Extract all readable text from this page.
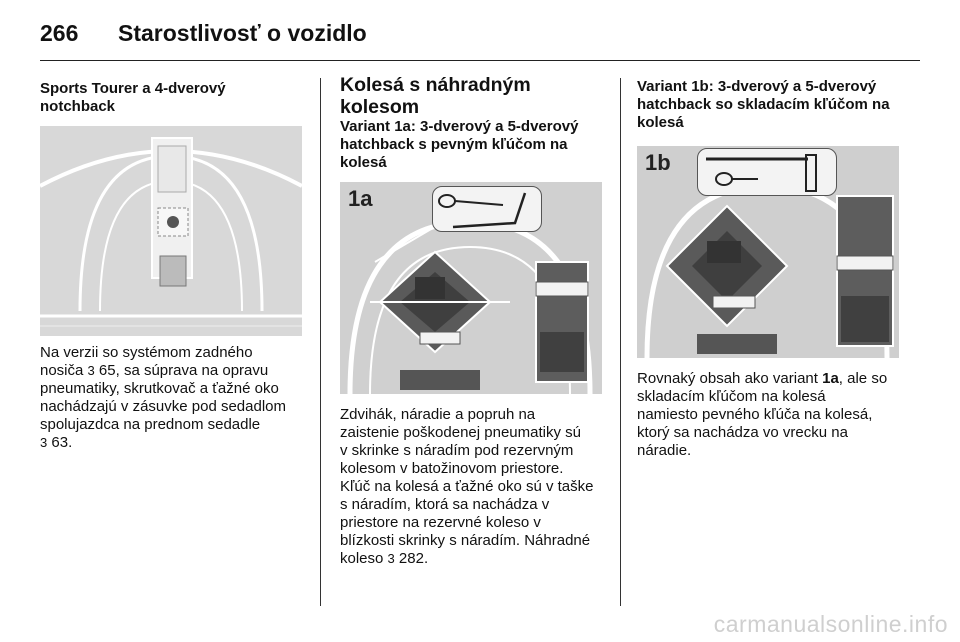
266 Starostlivosť o vozidlo

Sports Tourer a 4-dverový notchback

Na verzii so systémom zadného

nosiča 3 65, sa súprava na opravu

pneumatiky, skrutkovač a ťažné oko

nachádzajú v zásuvke pod sedadlom

spolujazdca na prednom sedadle

3 63.

Kolesá s náhradným kolesom

Variant 1a: 3-dverový a 5-dverový hatchback s pevným kľúčom na kolesá

1a

Zdvihák, náradie a popruh na

zaistenie poškodenej pneumatiky sú

v skrinke s náradím pod rezervným

kolesom v batožinovom priestore.

Kľúč na kolesá a ťažné oko sú v taške

s náradím, ktorá sa nachádza v

priestore na rezervné koleso v

blízkosti skrinky s náradím. Náhradné

koleso 3 282.

Variant 1b: 3-dverový a 5-dverový hatchback so skladacím kľúčom na kolesá

1b

Rovnaký obsah ako variant 1a, ale so

skladacím kľúčom na kolesá

namiesto pevného kľúča na kolesá,

ktorý sa nachádza vo vrecku na

náradie.

carmanualsonline.info
